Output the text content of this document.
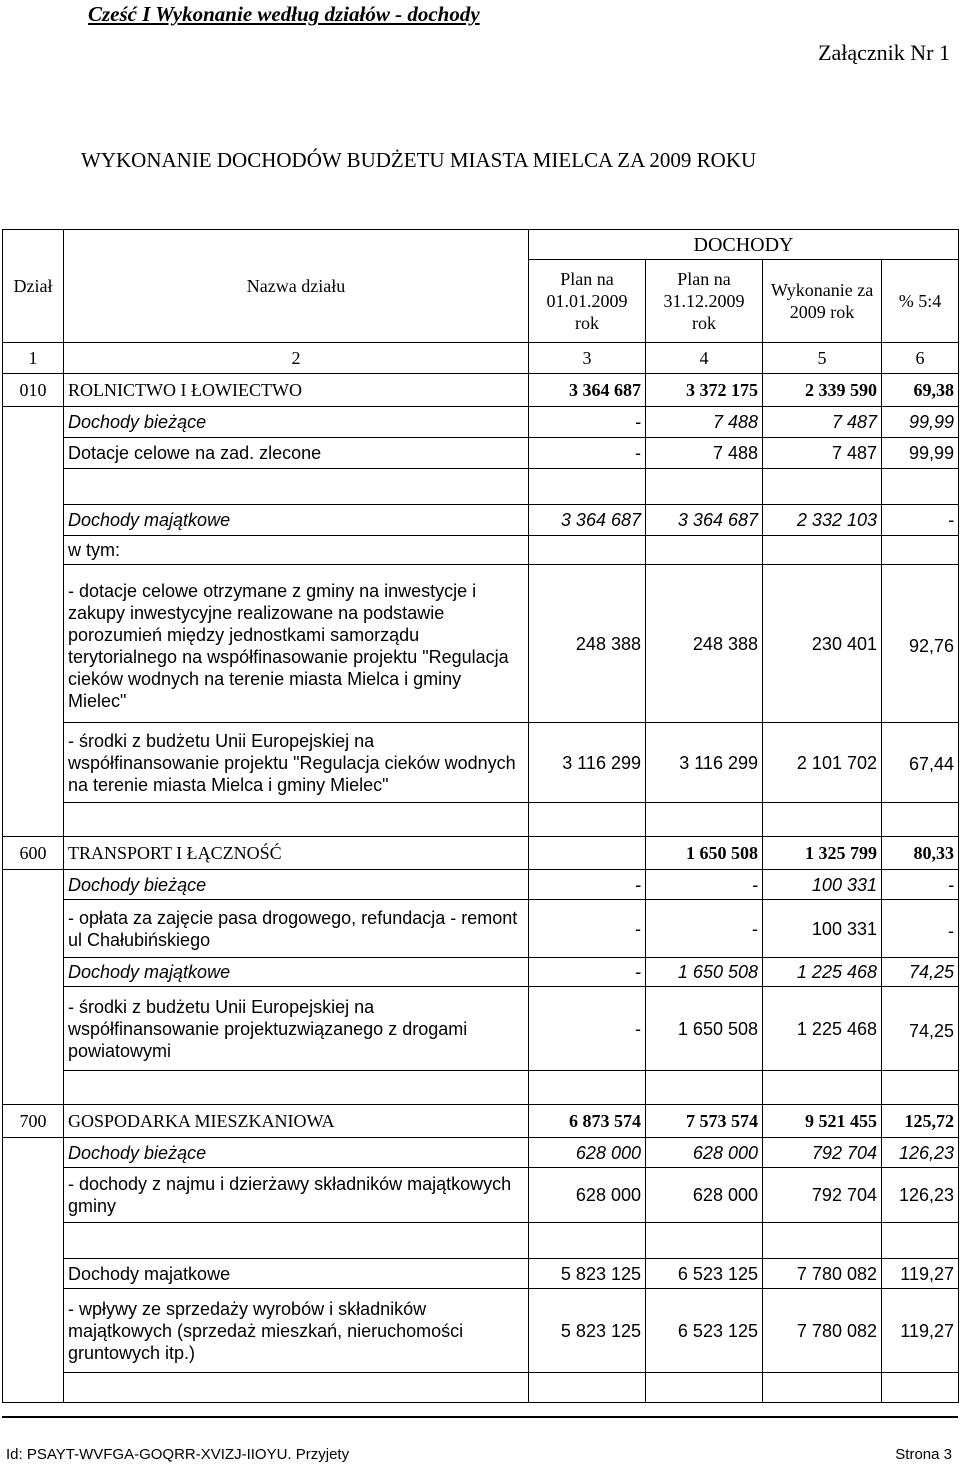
Cześć I Wykonanie według działów - dochody
Załącznik Nr 1
WYKONANIE DOCHODÓW BUDŻETU MIASTA MIELCA ZA 2009 ROKU
Dział	Nazwa działu	DOCHODY			
		Plan na 01.01.2009 rok	Plan na 31.12.2009 rok	Wykonanie za 2009 rok	% 5:4
1	2	3	4	5	6
010	ROLNICTWO I ŁOWIECTWO	3 364 687	3 372 175	2 339 590	69,38
	Dochody bieżące	-	7 488	7 487	99,99
	Dotacje celowe na zad. zlecone	-	7 488	7 487	99,99

	Dochody majątkowe	3 364 687	3 364 687	2 332 103	-
	w tym:				
	- dotacje celowe otrzymane z gminy na inwestycje i zakupy inwestycyjne realizowane na podstawie porozumień między jednostkami samorządu terytorialnego na współfinasowanie projektu "Regulacja cieków wodnych na terenie miasta Mielca i gminy Mielec"	248 388	248 388	230 401	92,76
	- środki z budżetu Unii Europejskiej na współfinansowanie projektu "Regulacja cieków wodnych na terenie miasta Mielca i gminy Mielec"	3 116 299	3 116 299	2 101 702	67,44

600	TRANSPORT I ŁĄCZNOŚĆ		1 650 508	1 325 799	80,33
	Dochody bieżące	-	-	100 331	-
	- opłata za zajęcie pasa drogowego, refundacja - remont ul Chałubińskiego	-	-	100 331	-
	Dochody majątkowe	-	1 650 508	1 225 468	74,25
	- środki z budżetu Unii Europejskiej na współfinansowanie projektuzwiązanego z drogami powiatowymi	-	1 650 508	1 225 468	74,25

700	GOSPODARKA MIESZKANIOWA	6 873 574	7 573 574	9 521 455	125,72
	Dochody bieżące	628 000	628 000	792 704	126,23
	- dochody z najmu i dzierżawy składników majątkowych gminy	628 000	628 000	792 704	126,23

	Dochody majatkowe	5 823 125	6 523 125	7 780 082	119,27
	- wpływy ze sprzedaży wyrobów i składników majątkowych (sprzedaż mieszkań, nieruchomości gruntowych itp.)	5 823 125	6 523 125	7 780 082	119,27

Id: PSAYT-WVFGA-GOQRR-XVIZJ-IIOYU. Przyjety	Strona 3
